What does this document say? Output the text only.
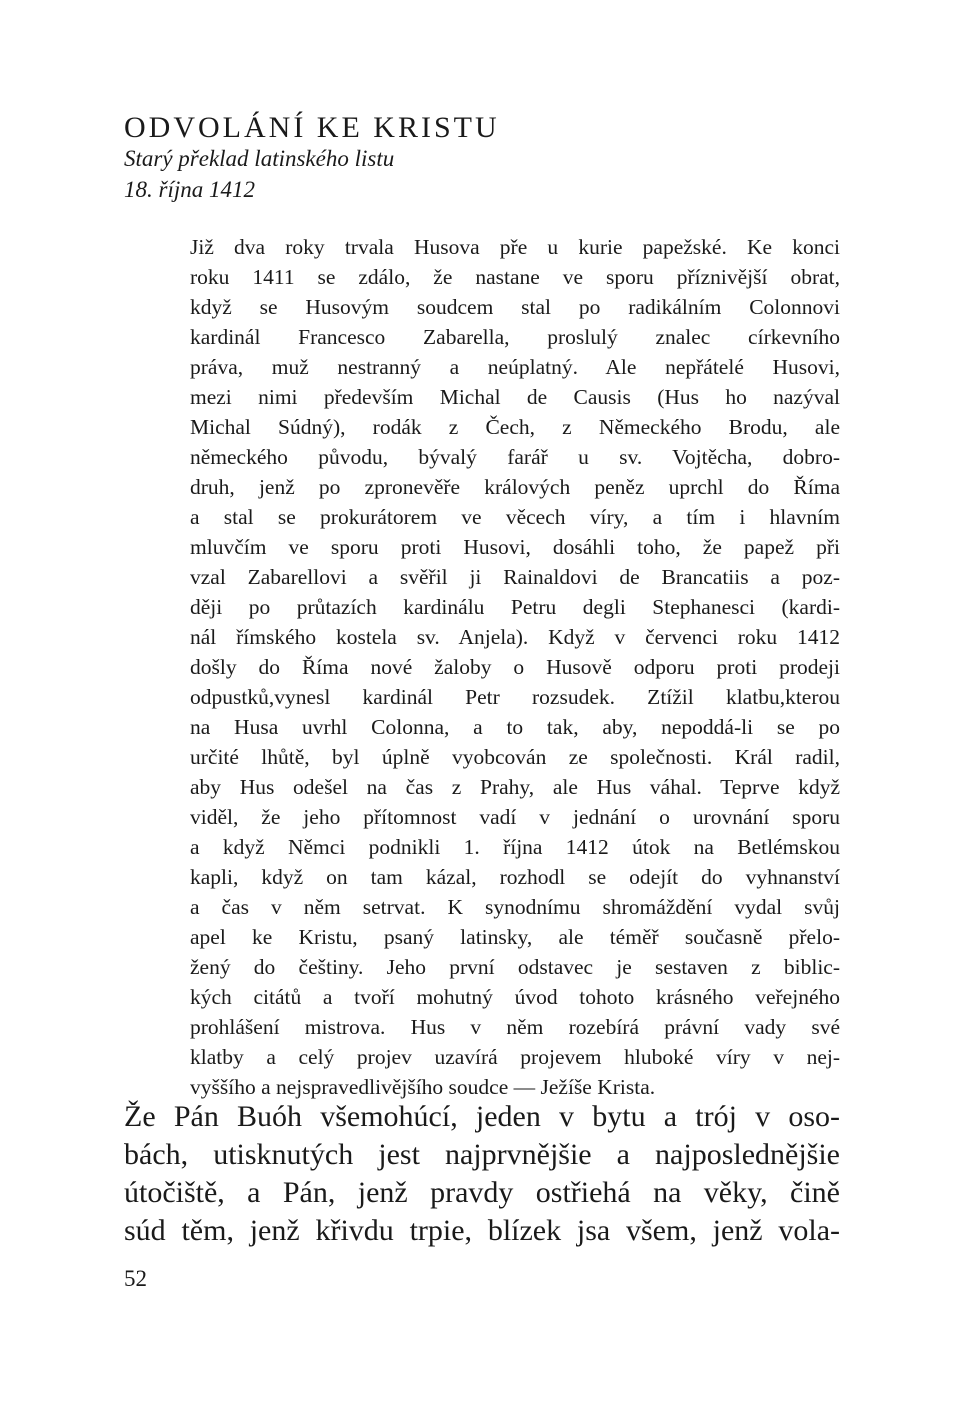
ODVOLÁNÍ KE KRISTU
Starý překlad latinského listu
18. října 1412
Již dva roky trvala Husova pře u kurie papežské. Ke konci
roku 1411 se zdálo, že nastane ve sporu příznivější obrat,
když se Husovým soudcem stal po radikálním Colonnovi
kardinál Francesco Zabarella, proslulý znalec církevního
práva, muž nestranný a neúplatný. Ale nepřátelé Husovi,
mezi nimi především Michal de Causis (Hus ho nazýval
Michal Súdný), rodák z Čech, z Německého Brodu, ale
německého původu, bývalý farář u sv. Vojtěcha, dobro-
druh, jenž po zpronevěře králových peněz uprchl do Říma
a stal se prokurátorem ve věcech víry, a tím i hlavním
mluvčím ve sporu proti Husovi, dosáhli toho, že papež při
vzal Zabarellovi a svěřil ji Rainaldovi de Brancatiis a poz-
ději po průtazích kardinálu Petru degli Stephanesci (kardi-
nál římského kostela sv. Anjela). Když v červenci roku 1412
došly do Říma nové žaloby o Husově odporu proti prodeji
odpustků,vynesl kardinál Petr rozsudek. Ztížil klatbu,kterou
na Husa uvrhl Colonna, a to tak, aby, nepoddá-li se po
určité lhůtě, byl úplně vyobcován ze společnosti. Král radil,
aby Hus odešel na čas z Prahy, ale Hus váhal. Teprve když
viděl, že jeho přítomnost vadí v jednání o urovnání sporu
a když Němci podnikli 1. října 1412 útok na Betlémskou
kapli, když on tam kázal, rozhodl se odejít do vyhnanství
a čas v něm setrvat. K synodnímu shromáždění vydal svůj
apel ke Kristu, psaný latinsky, ale téměř současně přelo-
žený do češtiny. Jeho první odstavec je sestaven z biblic-
kých citátů a tvoří mohutný úvod tohoto krásného veřejného
prohlášení mistrova. Hus v něm rozebírá právní vady své
klatby a celý projev uzavírá projevem hluboké víry v nej-
vyššího a nejspravedlivějšího soudce — Ježíše Krista.
Že Pán Buóh všemohúcí, jeden v bytu a trój v oso-
bách, utisknutých jest najprvnějšie a najposlednějšie
útočiště, a Pán, jenž pravdy ostřiehá na věky, čině
súd těm, jenž křivdu trpie, blízek jsa všem, jenž vola-
52
